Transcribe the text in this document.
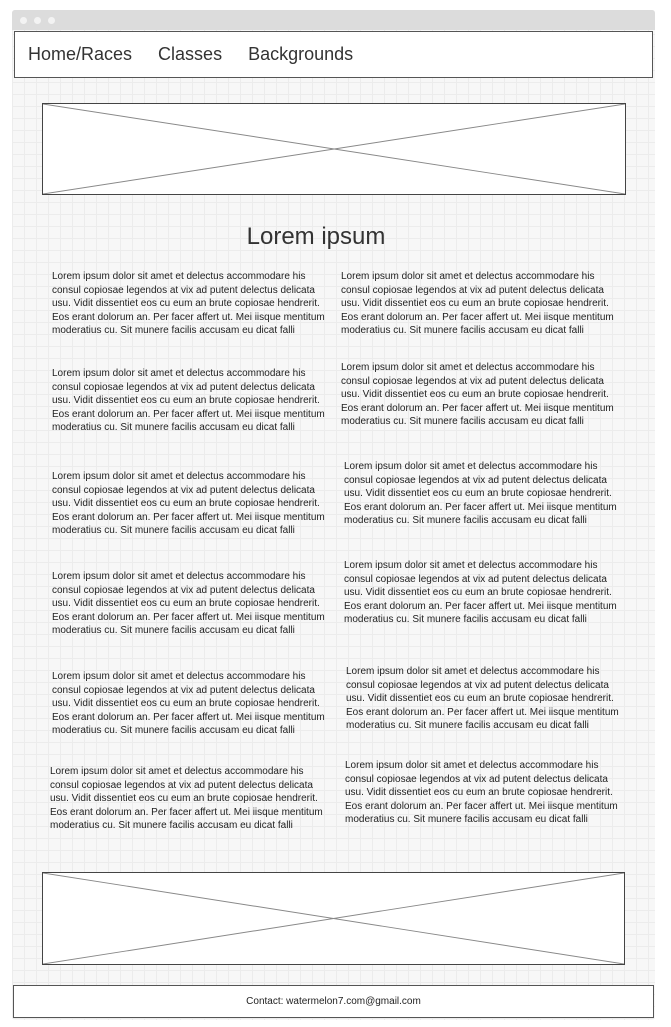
Home/Races Classes Backgrounds
Lorem ipsum

Lorem ipsum dolor sit amet et delectus accommodare his consul copiosae legendos at vix ad putent delectus delicata usu. Vidit dissentiet eos cu eum an brute copiosae hendrerit. Eos erant dolorum an. Per facer affert ut. Mei iisque mentitum moderatius cu. Sit munere facilis accusam eu dicat falli

Lorem ipsum dolor sit amet et delectus accommodare his consul copiosae legendos at vix ad putent delectus delicata usu. Vidit dissentiet eos cu eum an brute copiosae hendrerit. Eos erant dolorum an. Per facer affert ut. Mei iisque mentitum moderatius cu. Sit munere facilis accusam eu dicat falli

Lorem ipsum dolor sit amet et delectus accommodare his consul copiosae legendos at vix ad putent delectus delicata usu. Vidit dissentiet eos cu eum an brute copiosae hendrerit. Eos erant dolorum an. Per facer affert ut. Mei iisque mentitum moderatius cu. Sit munere facilis accusam eu dicat falli

Lorem ipsum dolor sit amet et delectus accommodare his consul copiosae legendos at vix ad putent delectus delicata usu. Vidit dissentiet eos cu eum an brute copiosae hendrerit. Eos erant dolorum an. Per facer affert ut. Mei iisque mentitum moderatius cu. Sit munere facilis accusam eu dicat falli

Lorem ipsum dolor sit amet et delectus accommodare his consul copiosae legendos at vix ad putent delectus delicata usu. Vidit dissentiet eos cu eum an brute copiosae hendrerit. Eos erant dolorum an. Per facer affert ut. Mei iisque mentitum moderatius cu. Sit munere facilis accusam eu dicat falli

Lorem ipsum dolor sit amet et delectus accommodare his consul copiosae legendos at vix ad putent delectus delicata usu. Vidit dissentiet eos cu eum an brute copiosae hendrerit. Eos erant dolorum an. Per facer affert ut. Mei iisque mentitum moderatius cu. Sit munere facilis accusam eu dicat falli

Lorem ipsum dolor sit amet et delectus accommodare his consul copiosae legendos at vix ad putent delectus delicata usu. Vidit dissentiet eos cu eum an brute copiosae hendrerit. Eos erant dolorum an. Per facer affert ut. Mei iisque mentitum moderatius cu. Sit munere facilis accusam eu dicat falli

Lorem ipsum dolor sit amet et delectus accommodare his consul copiosae legendos at vix ad putent delectus delicata usu. Vidit dissentiet eos cu eum an brute copiosae hendrerit. Eos erant dolorum an. Per facer affert ut. Mei iisque mentitum moderatius cu. Sit munere facilis accusam eu dicat falli

Lorem ipsum dolor sit amet et delectus accommodare his consul copiosae legendos at vix ad putent delectus delicata usu. Vidit dissentiet eos cu eum an brute copiosae hendrerit. Eos erant dolorum an. Per facer affert ut. Mei iisque mentitum moderatius cu. Sit munere facilis accusam eu dicat falli

Lorem ipsum dolor sit amet et delectus accommodare his consul copiosae legendos at vix ad putent delectus delicata usu. Vidit dissentiet eos cu eum an brute copiosae hendrerit. Eos erant dolorum an. Per facer affert ut. Mei iisque mentitum moderatius cu. Sit munere facilis accusam eu dicat falli

Lorem ipsum dolor sit amet et delectus accommodare his consul copiosae legendos at vix ad putent delectus delicata usu. Vidit dissentiet eos cu eum an brute copiosae hendrerit. Eos erant dolorum an. Per facer affert ut. Mei iisque mentitum moderatius cu. Sit munere facilis accusam eu dicat falli

Lorem ipsum dolor sit amet et delectus accommodare his consul copiosae legendos at vix ad putent delectus delicata usu. Vidit dissentiet eos cu eum an brute copiosae hendrerit. Eos erant dolorum an. Per facer affert ut. Mei iisque mentitum moderatius cu. Sit munere facilis accusam eu dicat falli

Contact: watermelon7.com@gmail.com
